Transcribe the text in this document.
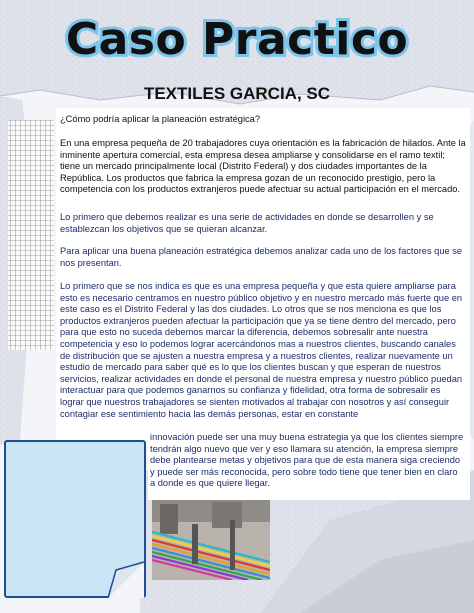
Caso Practico
TEXTILES GARCIA, SC

¿Cómo podría aplicar la planeación estratégica?

En una empresa pequeña de 20 trabajadores cuya orientación es la fabricación de hilados. Ante la inminente apertura comercial, esta empresa desea ampliarse y consolidarse en el ramo textil; tiene un mercado principalmente local (Distrito Federal) y dos ciudades importantes de la República. Los productos que fabrica la empresa gozan de un reconocido prestigio, pero la competencia con los productos extranjeros puede afectuar su actual participación en el mercado.

Lo primero que debemos realizar es una serie de actividades en donde se desarrollen y se establezcan los objetivos que se quieran alcanzar.

Para aplicar una buena planeación estratégica debemos analizar cada uno de los factores que se nos presentan.

Lo primero que se nos indica es que es una empresa pequeña y que esta quiere ampliarse para esto es necesario centramos en nuestro público objetivo y en nuestro mercado más fuerte que en este caso es el Distrito Federal y las dos ciudades. Lo otros que se nos menciona es que los productos extranjeros pueden afectuar la participación que ya se tiene dentro del mercado, pero para que esto no suceda debemos marcar la diferencia, debemos sobresalir ante nuestra competencia y eso lo podemos lograr acercándonos mas a nuestros clientes, buscando canales de distribución que se ajusten a nuestra empresa y a nuestros clientes, realizar nuevamente un estudio de mercado para saber qué es lo que los clientes buscan y que esperan de nuestros servicios, realizar actividades en donde el personal de nuestra empresa y nuestro público puedan interactuar para que podemos ganarnos su confianza y fidelidad, otra forma de sobresalir es lograr que nuestros trabajadores se sienten motivados al trabajar con nosotros y así conseguir contagiar ese sentimiento hacia las demás personas, estar en constante

innovación puede ser una muy buena estrategia ya que los clientes siempre tendrán algo nuevo que ver y eso llamara su atención, la empresa siempre debe plantearse metas y objetivos para que de esta manera siga creciendo y puede ser más reconocida, pero sobre todo tiene que tener bien en claro a donde es que quiere llegar.
